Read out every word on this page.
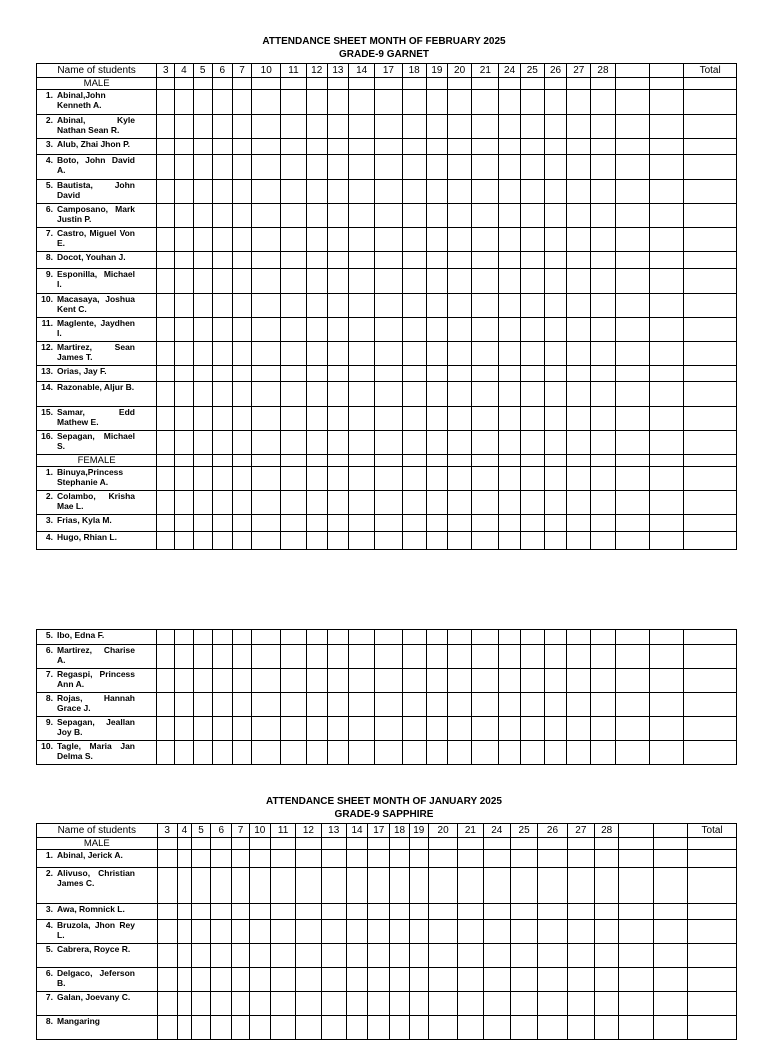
ATTENDANCE SHEET MONTH OF FEBRUARY 2025
GRADE-9 GARNET
Name of students	3	4	5	6	7	10	11	12	13	14	17	18	19	20	21	24	25	26	27	28			Total
MALE																							
1. Abinal,John Kenneth A.																							
2. Abinal, Kyle Nathan Sean R.																							
3. Alub, Zhai Jhon P.																							
4. Boto, John David A.																							
5. Bautista, John David																							
6. Camposano, Mark Justin P.																							
7. Castro, Miguel Von E.																							
8. Docot, Youhan J.																							
9. Esponilla, Michael I.																							
10. Macasaya, Joshua Kent C.																							
11. Maglente, Jaydhen I.																							
12. Martirez, Sean James T.																							
13. Orias, Jay F.																							
14. Razonable, Aljur B.																							
15. Samar, Edd Mathew E.																							
16. Sepagan, Michael S.																							
FEMALE																							
1. Binuya,Princess Stephanie A.																							
2. Colambo, Krisha Mae L.																							
3. Frias, Kyla M.																							
4. Hugo, Rhian L.																							
5. Ibo, Edna F.																							
6. Martirez, Charise A.																							
7. Regaspi, Princess Ann A.																							
8. Rojas, Hannah Grace J.																							
9. Sepagan, Jeallan Joy B.																							
10. Tagle, Maria Jan Delma S.																							
ATTENDANCE SHEET MONTH OF JANUARY 2025
GRADE-9 SAPPHIRE
Name of students	3	4	5	6	7	10	11	12	13	14	17	18	19	20	21	24	25	26	27	28			Total
MALE																							
1. Abinal, Jerick A.																							
2. Alivuso, Christian James C.																							
3. Awa, Romnick L.																							
4. Bruzola, Jhon Rey L.																							
5. Cabrera, Royce R.																							
6. Delgaco, Jeferson B.																							
7. Galan, Joevany C.																							
8. Mangaring																							
